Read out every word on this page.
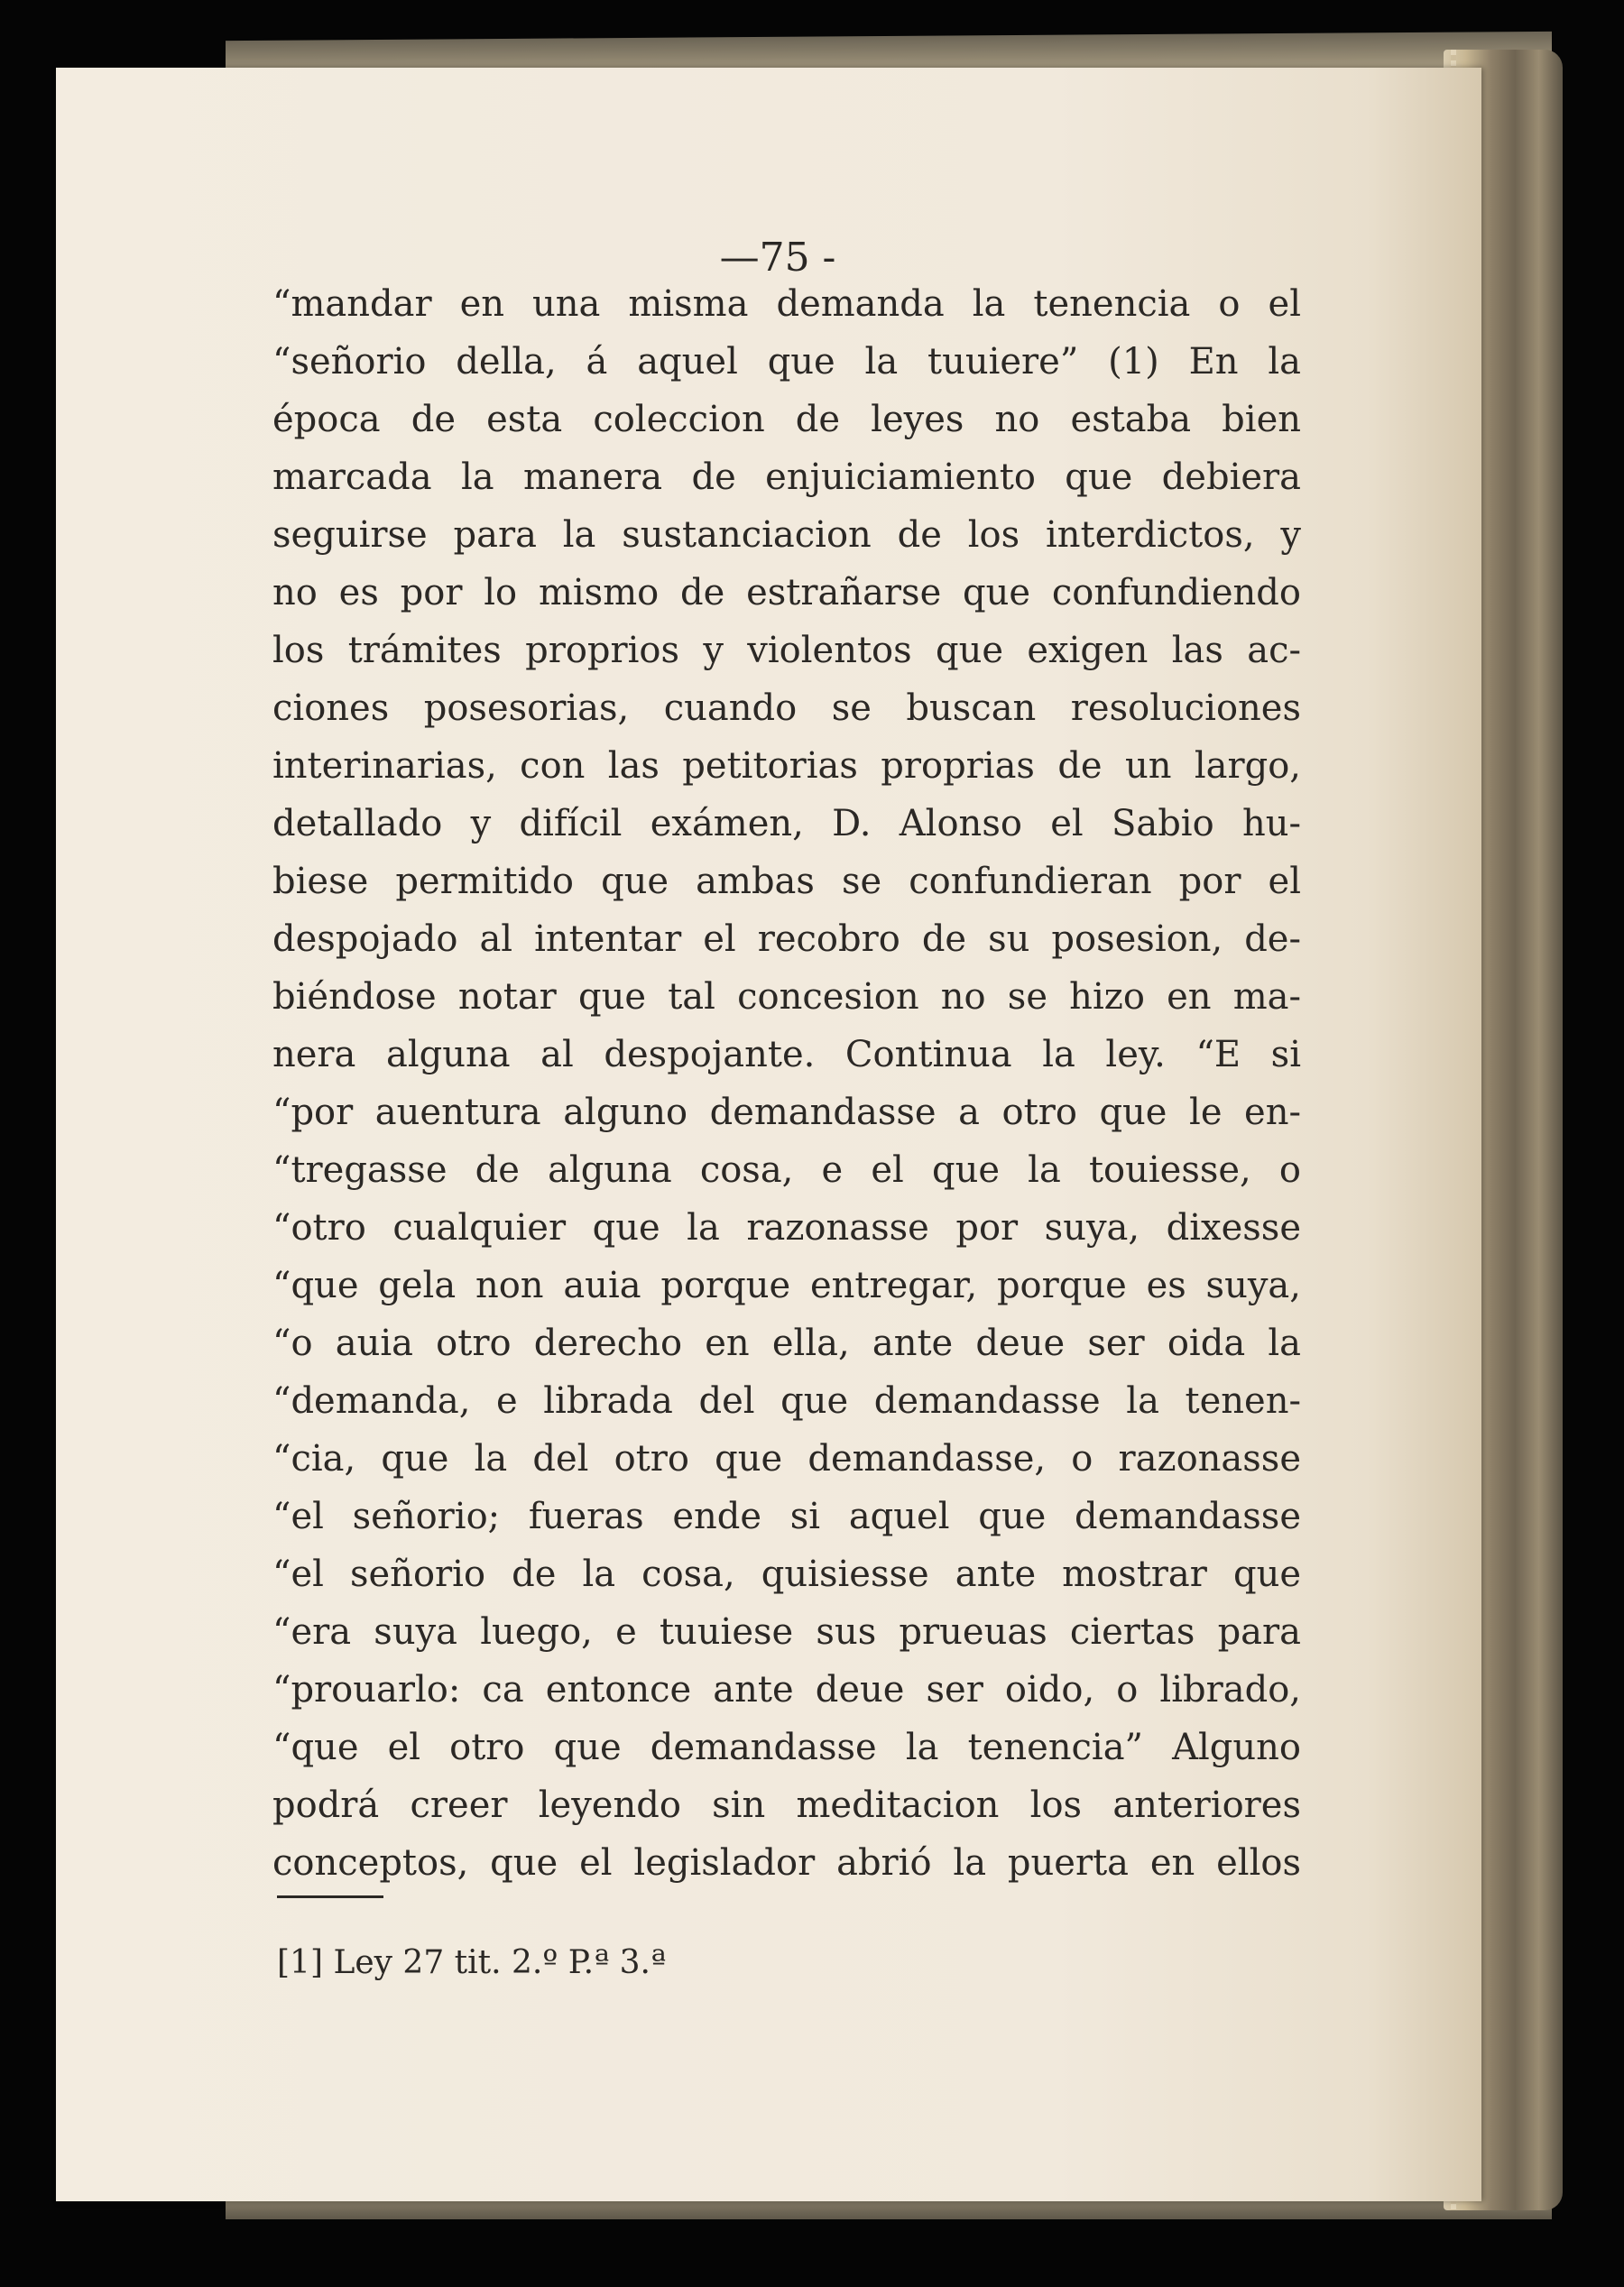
—75 -
“mandar en una misma demanda la tenencia o el
“señorio della, á aquel que la tuuiere” (1) En la
época de esta coleccion de leyes no estaba bien
marcada la manera de enjuiciamiento que debiera
seguirse para la sustanciacion de los interdictos, y
no es por lo mismo de estrañarse que confundiendo
los trámites proprios y violentos que exigen las ac-
ciones posesorias, cuando se buscan resoluciones
interinarias, con las petitorias proprias de un largo,
detallado y difícil exámen, D. Alonso el Sabio hu-
biese permitido que ambas se confundieran por el
despojado al intentar el recobro de su posesion, de-
biéndose notar que tal concesion no se hizo en ma-
nera alguna al despojante. Continua la ley. “E si
“por auentura alguno demandasse a otro que le en-
“tregasse de alguna cosa, e el que la touiesse, o
“otro cualquier que la razonasse por suya, dixesse
“que gela non auia porque entregar, porque es suya,
“o auia otro derecho en ella, ante deue ser oida la
“demanda, e librada del que demandasse la tenen-
“cia, que la del otro que demandasse, o razonasse
“el señorio; fueras ende si aquel que demandasse
“el señorio de la cosa, quisiesse ante mostrar que
“era suya luego, e tuuiese sus prueuas ciertas para
“prouarlo: ca entonce ante deue ser oido, o librado,
“que el otro que demandasse la tenencia” Alguno
podrá creer leyendo sin meditacion los anteriores
conceptos, que el legislador abrió la puerta en ellos
[1] Ley 27 tit. 2.º P.ª 3.ª
